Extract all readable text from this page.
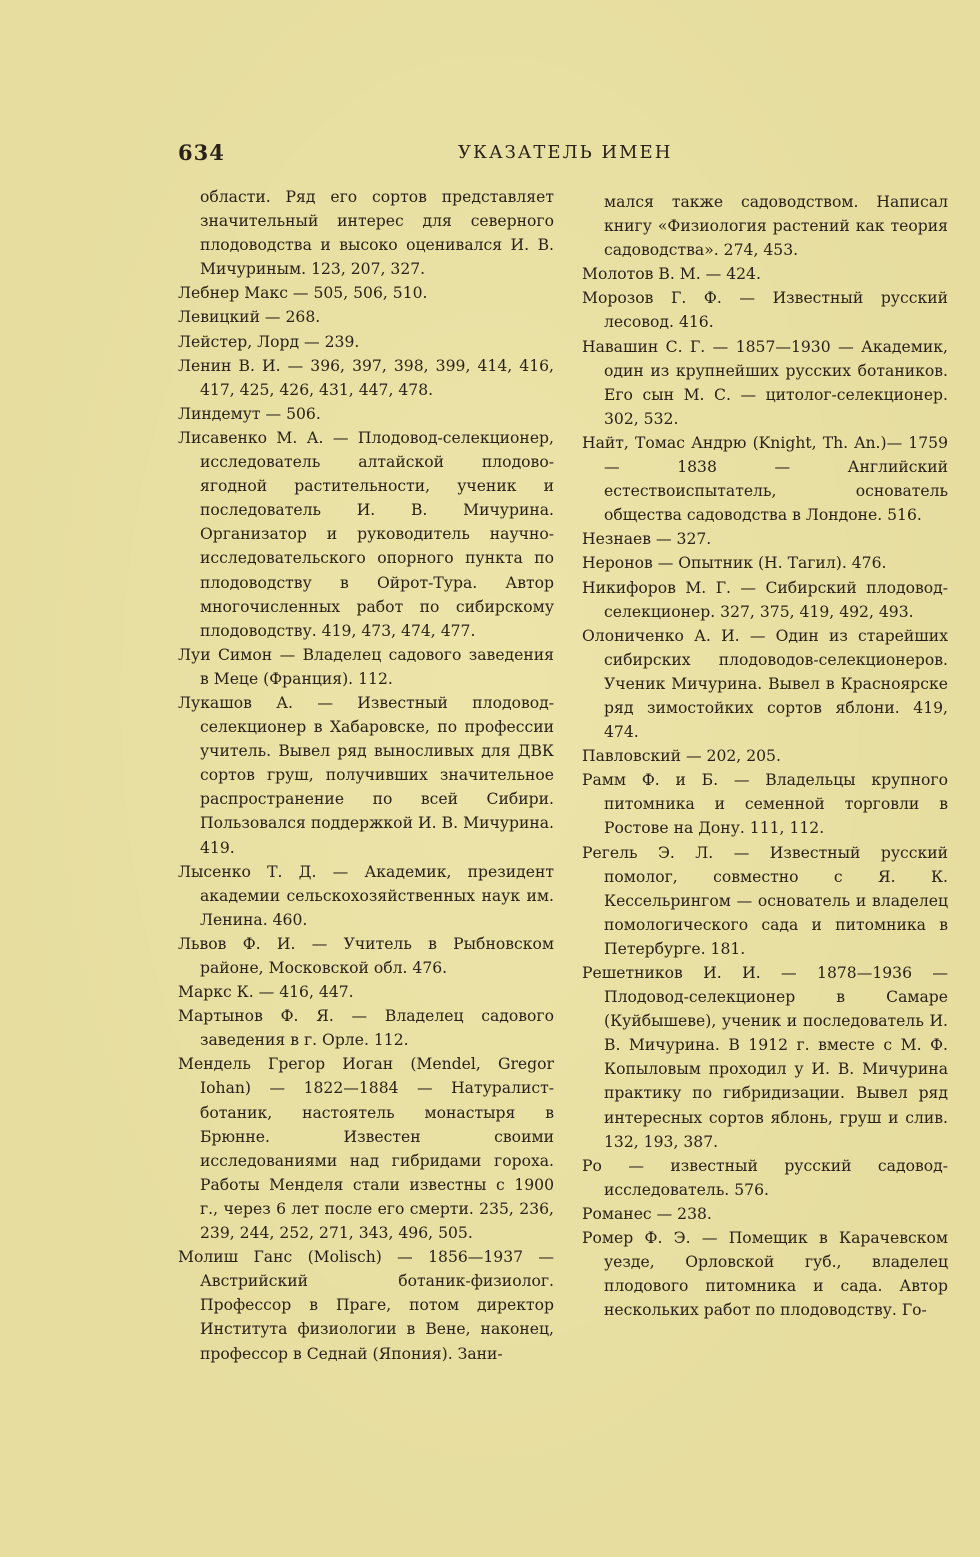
634	УКАЗАТЕЛЬ ИМЕН

области. Ряд его сортов представляет значительный интерес для северного плодоводства и высоко оценивался И. В. Мичуриным. 123, 207, 327.

Лебнер Макс — 505, 506, 510.

Левицкий — 268.

Лейстер, Лорд — 239.

Ленин В. И. — 396, 397, 398, 399, 414, 416, 417, 425, 426, 431, 447, 478.

Линдемут — 506.

Лисавенко М. А. — Плодовод-селекционер, исследователь алтайской плодово-ягодной растительности, ученик и последователь И. В. Мичурина. Организатор и руководитель научно-исследовательского опорного пункта по плодоводству в Ойрот-Тура. Автор многочисленных работ по сибирскому плодоводству. 419, 473, 474, 477.

Луи Симон — Владелец садового заведения в Меце (Франция). 112.

Лукашов А. — Известный плодовод-селекционер в Хабаровске, по профессии учитель. Вывел ряд выносливых для ДВК сортов груш, получивших значительное распространение по всей Сибири. Пользовался поддержкой И. В. Мичурина. 419.

Лысенко Т. Д. — Академик, президент академии сельскохозяйственных наук им. Ленина. 460.

Львов Ф. И. — Учитель в Рыбновском районе, Московской обл. 476.

Маркс К. — 416, 447.

Мартынов Ф. Я. — Владелец садового заведения в г. Орле. 112.

Мендель Грегор Иоган (Mendel, Gregor Iohan) — 1822—1884 — Натуралист-ботаник, настоятель монастыря в Брюнне. Известен своими исследованиями над гибридами гороха. Работы Менделя стали известны с 1900 г., через 6 лет после его смерти. 235, 236, 239, 244, 252, 271, 343, 496, 505.

Молиш Ганс (Molisch) — 1856—1937 — Австрийский ботаник-физиолог. Профессор в Праге, потом директор Института физиологии в Вене, наконец, профессор в Седнай (Япония). Зани-

мался также садоводством. Написал книгу «Физиология растений как теория садоводства». 274, 453.

Молотов В. М. — 424.

Морозов Г. Ф. — Известный русский лесовод. 416.

Навашин С. Г. — 1857—1930 — Академик, один из крупнейших русских ботаников. Его сын М. С. — цитолог-селекционер. 302, 532.

Найт, Томас Андрю (Knight, Th. An.)— 1759— 1838 — Английский естествоиспытатель, основатель общества садоводства в Лондоне. 516.

Незнаев — 327.

Неронов — Опытник (Н. Тагил). 476.

Никифоров М. Г. — Сибирский плодовод-селекционер. 327, 375, 419, 492, 493.

Олониченко А. И. — Один из старейших сибирских плодоводов-селекционеров. Ученик Мичурина. Вывел в Красноярске ряд зимостойких сортов яблони. 419, 474.

Павловский — 202, 205.

Рамм Ф. и Б. — Владельцы крупного питомника и семенной торговли в Ростове на Дону. 111, 112.

Регель Э. Л. — Известный русский помолог, совместно с Я. К. Кессельрингом — основатель и владелец помологического сада и питомника в Петербурге. 181.

Решетников И. И. — 1878—1936 — Плодовод-селекционер в Самаре (Куйбышеве), ученик и последователь И. В. Мичурина. В 1912 г. вместе с М. Ф. Копыловым проходил у И. В. Мичурина практику по гибридизации. Вывел ряд интересных сортов яблонь, груш и слив. 132, 193, 387.

Ро — известный русский садовод-исследователь. 576.

Романес — 238.

Ромер Ф. Э. — Помещик в Карачевском уезде, Орловской губ., владелец плодового питомника и сада. Автор нескольких работ по плодоводству. Го-
